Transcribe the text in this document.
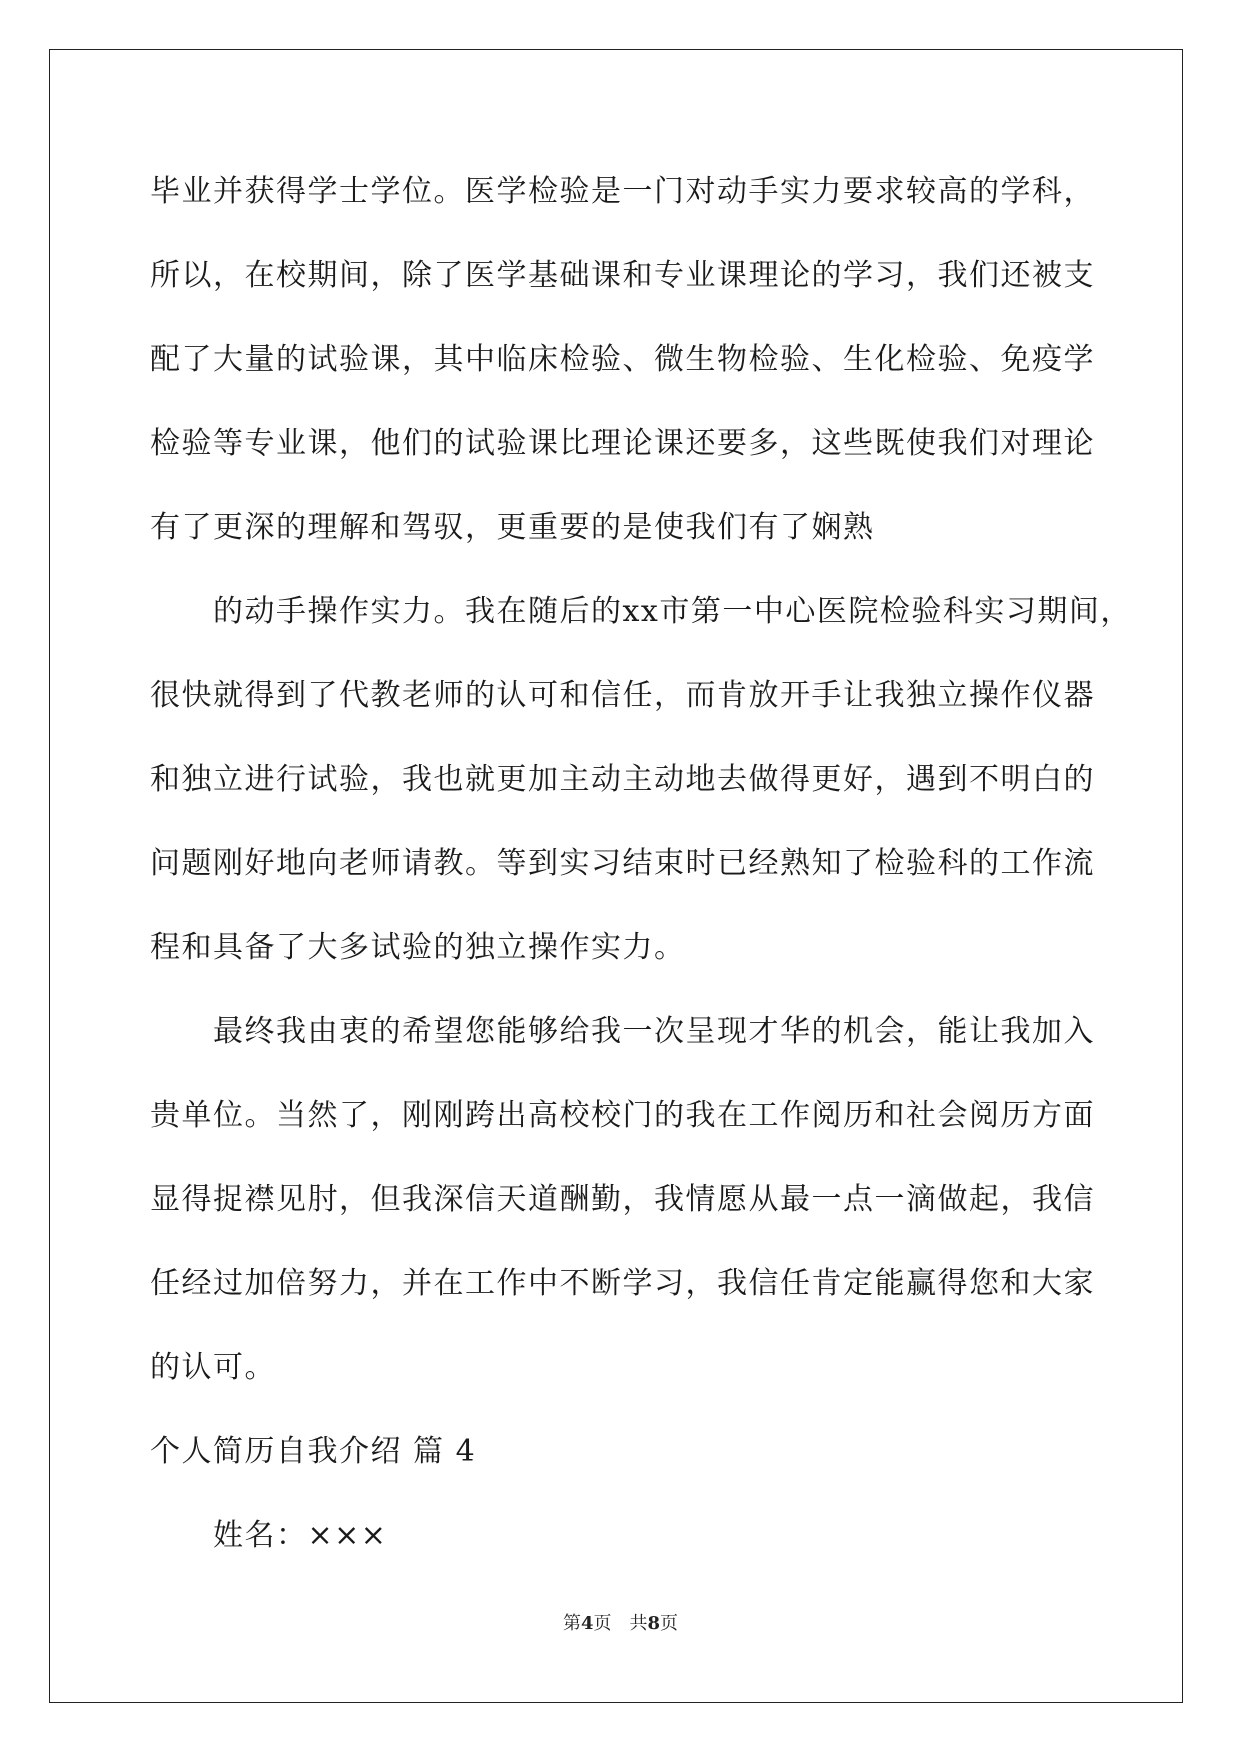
毕业并获得学士学位。医学检验是一门对动手实力要求较高的学科，
所以，在校期间，除了医学基础课和专业课理论的学习，我们还被支
配了大量的试验课，其中临床检验、微生物检验、生化检验、免疫学
检验等专业课，他们的试验课比理论课还要多，这些既使我们对理论
有了更深的理解和驾驭，更重要的是使我们有了娴熟
的动手操作实力。我在随后的xx市第一中心医院检验科实习期间，
很快就得到了代教老师的认可和信任，而肯放开手让我独立操作仪器
和独立进行试验，我也就更加主动主动地去做得更好，遇到不明白的
问题刚好地向老师请教。等到实习结束时已经熟知了检验科的工作流
程和具备了大多试验的独立操作实力。
最终我由衷的希望您能够给我一次呈现才华的机会，能让我加入
贵单位。当然了，刚刚跨出高校校门的我在工作阅历和社会阅历方面
显得捉襟见肘，但我深信天道酬勤，我情愿从最一点一滴做起，我信
任经过加倍努力，并在工作中不断学习，我信任肯定能赢得您和大家
的认可。
个人简历自我介绍 篇 4
姓名：×××
第4页 共8页
